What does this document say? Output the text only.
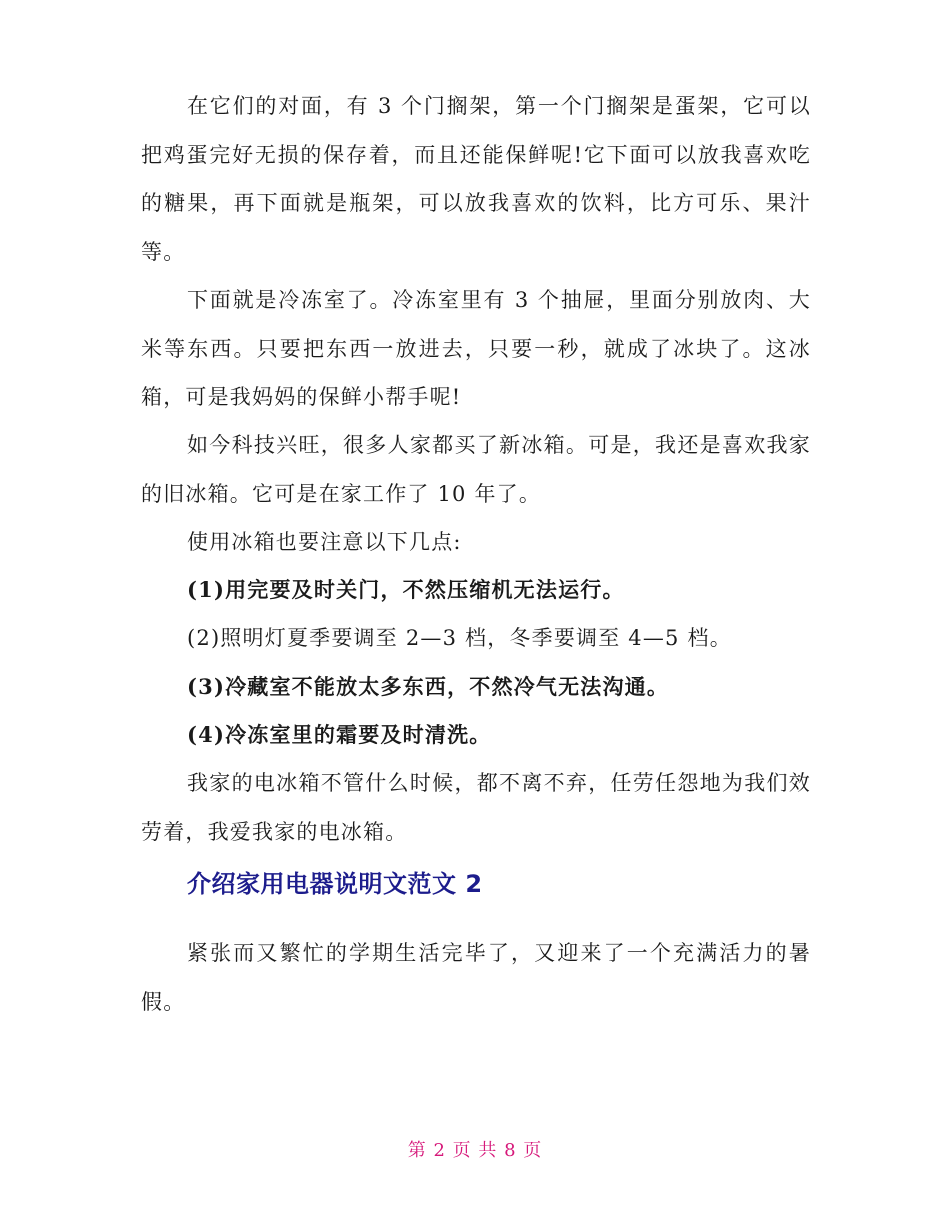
在它们的对面，有 3 个门搁架，第一个门搁架是蛋架，它可以把鸡蛋完好无损的保存着，而且还能保鲜呢!它下面可以放我喜欢吃的糖果，再下面就是瓶架，可以放我喜欢的饮料，比方可乐、果汁等。

下面就是冷冻室了。冷冻室里有 3 个抽屉，里面分别放肉、大米等东西。只要把东西一放进去，只要一秒，就成了冰块了。这冰箱，可是我妈妈的保鲜小帮手呢!

如今科技兴旺，很多人家都买了新冰箱。可是，我还是喜欢我家的旧冰箱。它可是在家工作了 10 年了。

使用冰箱也要注意以下几点:

(1)用完要及时关门，不然压缩机无法运行。

(2)照明灯夏季要调至 2—3 档，冬季要调至 4—5 档。

(3)冷藏室不能放太多东西，不然冷气无法沟通。

(4)冷冻室里的霜要及时清洗。

我家的电冰箱不管什么时候，都不离不弃，任劳任怨地为我们效劳着，我爱我家的电冰箱。

介绍家用电器说明文范文 2

紧张而又繁忙的学期生活完毕了，又迎来了一个充满活力的暑假。

第 2 页 共 8 页
